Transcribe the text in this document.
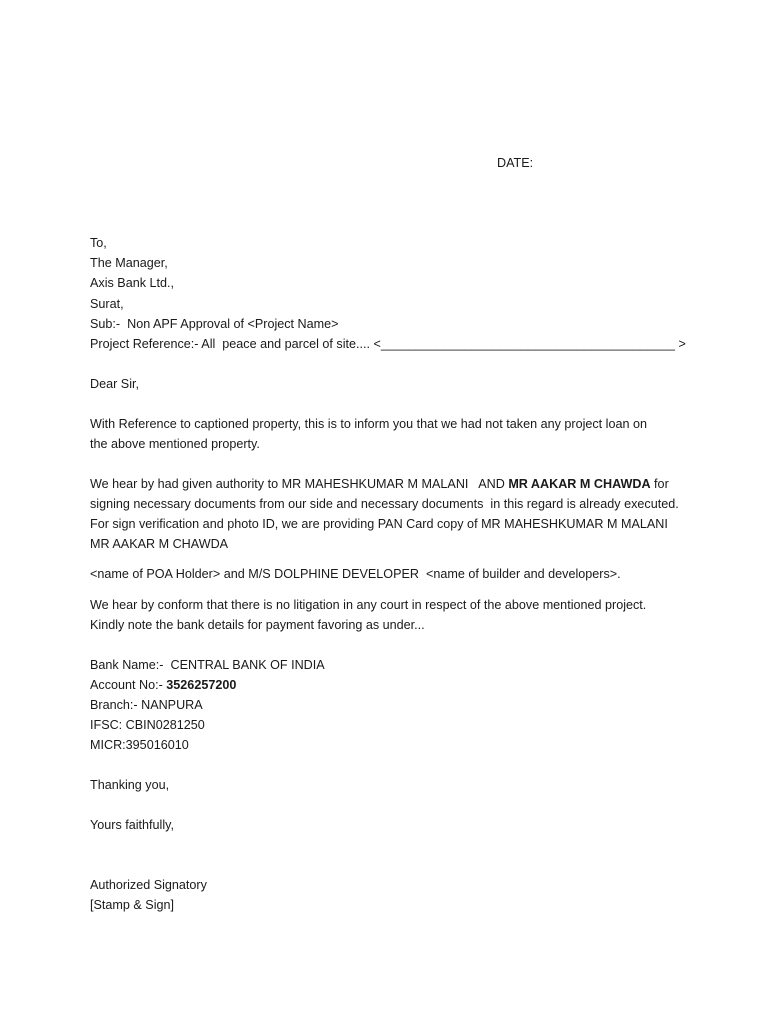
DATE:
To,
The Manager,
Axis Bank Ltd.,
Surat,
Sub:-  Non APF Approval of <Project Name>
Project Reference:- All  peace and parcel of site.... <__________________________________________ >
Dear Sir,
With Reference to captioned property, this is to inform you that we had not taken any project loan on
the above mentioned property.
We hear by had given authority to MR MAHESHKUMAR M MALANI   AND MR AAKAR M CHAWDA for
signing necessary documents from our side and necessary documents  in this regard is already executed.
For sign verification and photo ID, we are providing PAN Card copy of MR MAHESHKUMAR M MALANI
MR AAKAR M CHAWDA
<name of POA Holder> and M/S DOLPHINE DEVELOPER  <name of builder and developers>.
We hear by conform that there is no litigation in any court in respect of the above mentioned project.
Kindly note the bank details for payment favoring as under...
Bank Name:-  CENTRAL BANK OF INDIA
Account No:- 3526257200
Branch:- NANPURA
IFSC: CBIN0281250
MICR:395016010
Thanking you,
Yours faithfully,
Authorized Signatory
[Stamp & Sign]
